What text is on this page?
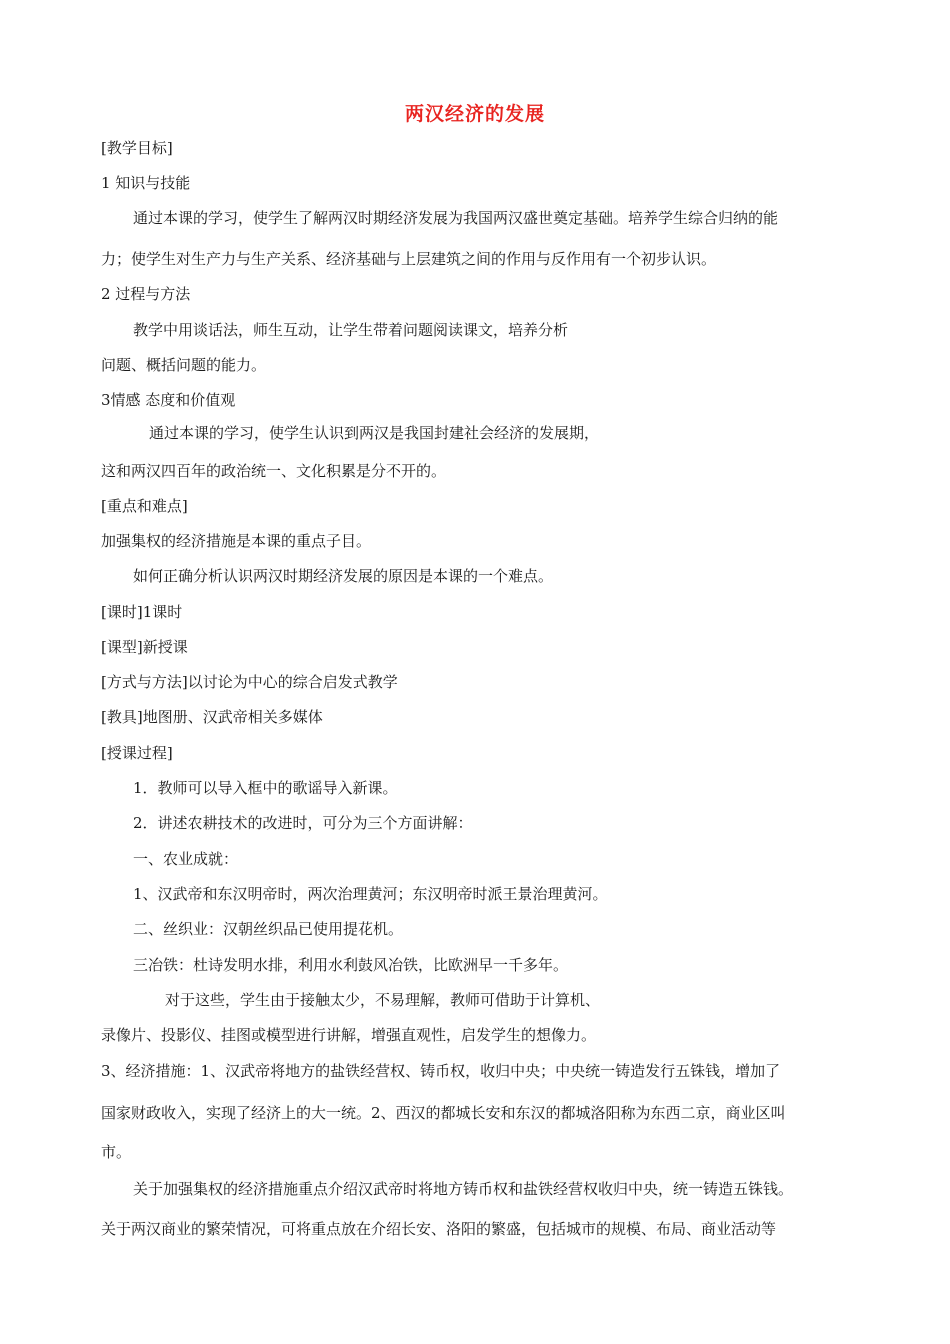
两汉经济的发展
[教学目标]
1 知识与技能
通过本课的学习，使学生了解两汉时期经济发展为我国两汉盛世奠定基础。培养学生综合归纳的能
力；使学生对生产力与生产关系、经济基础与上层建筑之间的作用与反作用有一个初步认识。
2 过程与方法
教学中用谈话法，师生互动，让学生带着问题阅读课文，培养分析
问题、概括问题的能力。
3情感 态度和价值观
通过本课的学习，使学生认识到两汉是我国封建社会经济的发展期，
这和两汉四百年的政治统一、文化积累是分不开的。
[重点和难点]
加强集权的经济措施是本课的重点子目。
如何正确分析认识两汉时期经济发展的原因是本课的一个难点。
[课时]1课时
[课型]新授课
[方式与方法]以讨论为中心的综合启发式教学
[教具]地图册、汉武帝相关多媒体
[授课过程]
1．教师可以导入框中的歌谣导入新课。
2．讲述农耕技术的改进时，可分为三个方面讲解：
一、农业成就：
1、汉武帝和东汉明帝时，两次治理黄河；东汉明帝时派王景治理黄河。
二、丝织业：汉朝丝织品已使用提花机。
三冶铁：杜诗发明水排，利用水利鼓风冶铁，比欧洲早一千多年。
对于这些，学生由于接触太少，不易理解，教师可借助于计算机、
录像片、投影仪、挂图或模型进行讲解，增强直观性，启发学生的想像力。
3、经济措施：1、汉武帝将地方的盐铁经营权、铸币权，收归中央；中央统一铸造发行五铢钱，增加了
国家财政收入，实现了经济上的大一统。2、西汉的都城长安和东汉的都城洛阳称为东西二京，商业区叫
市。
关于加强集权的经济措施重点介绍汉武帝时将地方铸币权和盐铁经营权收归中央，统一铸造五铢钱。
关于两汉商业的繁荣情况，可将重点放在介绍长安、洛阳的繁盛，包括城市的规模、布局、商业活动等
